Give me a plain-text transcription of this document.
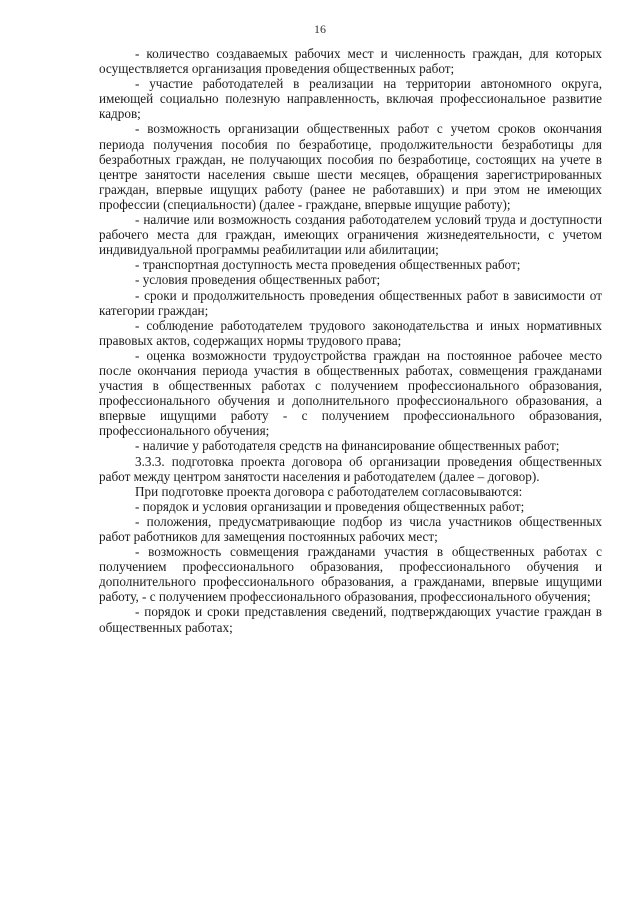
16

- количество создаваемых рабочих мест и численность граждан, для которых осуществляется организация проведения общественных работ;

- участие работодателей в реализации на территории автономного округа, имеющей социально полезную направленность, включая профессиональное развитие кадров;

- возможность организации общественных работ с учетом сроков окончания периода получения пособия по безработице, продолжительности безработицы для безработных граждан, не получающих пособия по безработице, состоящих на учете в центре занятости населения свыше шести месяцев, обращения зарегистрированных граждан, впервые ищущих работу (ранее не работавших) и при этом не имеющих профессии (специальности) (далее - граждане, впервые ищущие работу);

- наличие или возможность создания работодателем условий труда и доступности рабочего места для граждан, имеющих ограничения жизнедеятельности, с учетом индивидуальной программы реабилитации или абилитации;

- транспортная доступность места проведения общественных работ;

- условия проведения общественных работ;

- сроки и продолжительность проведения общественных работ в зависимости от категории граждан;

- соблюдение работодателем трудового законодательства и иных нормативных правовых актов, содержащих нормы трудового права;

- оценка возможности трудоустройства граждан на постоянное рабочее место после окончания периода участия в общественных работах, совмещения гражданами участия в общественных работах с получением профессионального образования, профессионального обучения и дополнительного профессионального образования, а впервые ищущими работу - с получением профессионального образования, профессионального обучения;

- наличие у работодателя средств на финансирование общественных работ;

3.3.3. подготовка проекта договора об организации проведения общественных работ между центром занятости населения и работодателем (далее – договор).

При подготовке проекта договора с работодателем согласовываются:

- порядок и условия организации и проведения общественных работ;

- положения, предусматривающие подбор из числа участников общественных работ работников для замещения постоянных рабочих мест;

- возможность совмещения гражданами участия в общественных работах с получением профессионального образования, профессионального обучения и дополнительного профессионального образования, а гражданами, впервые ищущими работу, - с получением профессионального образования, профессионального обучения;

- порядок и сроки представления сведений, подтверждающих участие граждан в общественных работах;
